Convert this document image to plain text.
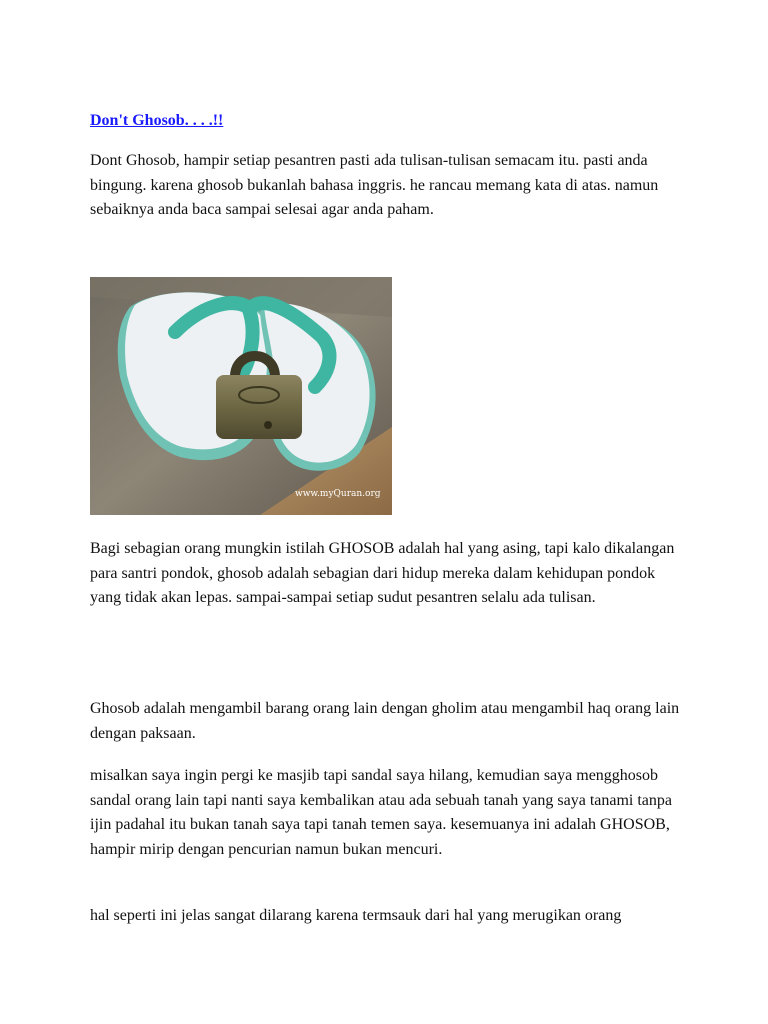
Don't Ghosob. . . .!!

Dont Ghosob, hampir setiap pesantren pasti ada tulisan-tulisan semacam itu. pasti anda bingung. karena ghosob bukanlah bahasa inggris. he rancau memang kata di atas. namun sebaiknya anda baca sampai selesai agar anda paham.

www.myQuran.org

Bagi sebagian orang mungkin istilah GHOSOB adalah hal yang asing, tapi kalo dikalangan para santri pondok, ghosob adalah sebagian dari hidup mereka dalam kehidupan pondok yang tidak akan lepas. sampai-sampai setiap sudut pesantren selalu ada tulisan.

Ghosob adalah mengambil barang orang lain dengan gholim atau mengambil haq orang lain dengan paksaan.

misalkan saya ingin pergi ke masjib tapi sandal saya hilang, kemudian saya mengghosob sandal orang lain tapi nanti saya kembalikan atau ada sebuah tanah yang saya tanami tanpa ijin padahal itu bukan tanah saya tapi tanah temen saya. kesemuanya ini adalah GHOSOB, hampir mirip dengan pencurian namun bukan mencuri.

hal seperti ini jelas sangat dilarang karena termsauk dari hal yang merugikan orang
